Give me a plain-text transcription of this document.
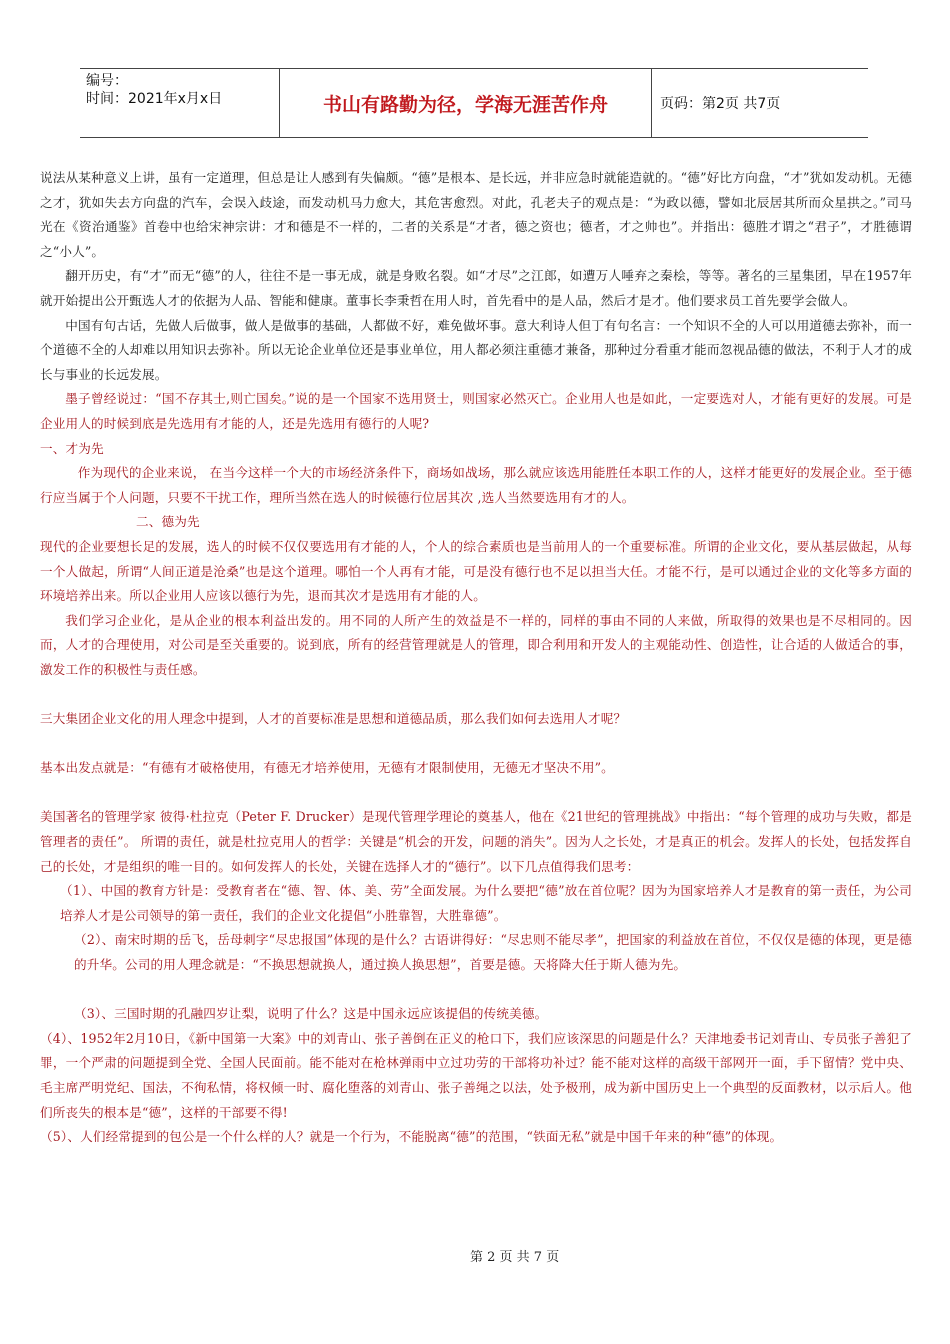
编号：
时间：2021年x月x日	书山有路勤为径，学海无涯苦作舟	页码：第2页 共7页

说法从某种意义上讲，虽有一定道理，但总是让人感到有失偏颇。“德”是根本、是长远，并非应急时就能造就的。“德”好比方向盘，“才”犹如发动机。无德之才，犹如失去方向盘的汽车，会误入歧途，而发动机马力愈大，其危害愈烈。对此，孔老夫子的观点是：“为政以德，譬如北辰居其所而众星拱之。”司马光在《资治通鉴》首卷中也给宋神宗讲：才和德是不一样的，二者的关系是“才者，德之资也；德者，才之帅也”。并指出：德胜才谓之“君子”，才胜德谓之“小人”。

翻开历史，有“才”而无“德”的人，往往不是一事无成，就是身败名裂。如“才尽”之江郎，如遭万人唾弃之秦桧，等等。著名的三星集团，早在1957年就开始提出公开甄选人才的依据为人品、智能和健康。董事长李秉哲在用人时，首先看中的是人品，然后才是才。他们要求员工首先要学会做人。

中国有句古话，先做人后做事，做人是做事的基础，人都做不好，难免做坏事。意大利诗人但丁有句名言：一个知识不全的人可以用道德去弥补，而一个道德不全的人却难以用知识去弥补。所以无论企业单位还是事业单位，用人都必须注重德才兼备，那种过分看重才能而忽视品德的做法，不利于人才的成长与事业的长远发展。

墨子曾经说过：“国不存其士,则亡国矣。”说的是一个国家不选用贤士，则国家必然灭亡。企业用人也是如此，一定要选对人，才能有更好的发展。可是企业用人的时候到底是先选用有才能的人，还是先选用有德行的人呢?

一、才为先

作为现代的企业来说， 在当今这样一个大的市场经济条件下，商场如战场，那么就应该选用能胜任本职工作的人，这样才能更好的发展企业。至于德行应当属于个人问题，只要不干扰工作，理所当然在选人的时候德行位居其次 ,选人当然要选用有才的人。

二、德为先

现代的企业要想长足的发展，选人的时候不仅仅要选用有才能的人，个人的综合素质也是当前用人的一个重要标准。所谓的企业文化，要从基层做起，从每一个人做起，所谓“人间正道是沧桑”也是这个道理。哪怕一个人再有才能，可是没有德行也不足以担当大任。才能不行，是可以通过企业的文化等多方面的环境培养出来。所以企业用人应该以德行为先，退而其次才是选用有才能的人。

我们学习企业化，是从企业的根本利益出发的。用不同的人所产生的效益是不一样的，同样的事由不同的人来做，所取得的效果也是不尽相同的。因而，人才的合理使用，对公司是至关重要的。说到底，所有的经营管理就是人的管理，即合利用和开发人的主观能动性、创造性，让合适的人做适合的事，激发工作的积极性与责任感。

三大集团企业文化的用人理念中提到，人才的首要标准是思想和道德品质，那么我们如何去选用人才呢？

基本出发点就是：“有德有才破格使用，有德无才培养使用，无德有才限制使用，无德无才坚决不用”。

美国著名的管理学家 彼得·杜拉克（Peter F. Drucker）是现代管理学理论的奠基人，他在《21世纪的管理挑战》中指出：“每个管理的成功与失败，都是管理者的责任”。 所谓的责任，就是杜拉克用人的哲学：关键是“机会的开发，问题的消失”。因为人之长处，才是真正的机会。发挥人的长处，包括发挥自己的长处，才是组织的唯一目的。如何发挥人的长处，关键在选择人才的“德行”。以下几点值得我们思考：

（1）、中国的教育方针是：受教育者在“德、智、体、美、劳”全面发展。为什么要把“德”放在首位呢？因为为国家培养人才是教育的第一责任，为公司培养人才是公司领导的第一责任，我们的企业文化提倡“小胜靠智，大胜靠德”。

（2）、南宋时期的岳飞，岳母刺字“尽忠报国”体现的是什么？古语讲得好：“尽忠则不能尽孝”，把国家的利益放在首位，不仅仅是德的体现，更是德的升华。公司的用人理念就是：“不换思想就换人，通过换人换思想”，首要是德。天将降大任于斯人德为先。

（3）、三国时期的孔融四岁让梨，说明了什么？这是中国永远应该提倡的传统美德。

（4）、1952年2月10日，《新中国第一大案》中的刘青山、张子善倒在正义的枪口下，我们应该深思的问题是什么？天津地委书记刘青山、专员张子善犯了罪，一个严肃的问题提到全党、全国人民面前。能不能对在枪林弹雨中立过功劳的干部将功补过？能不能对这样的高级干部网开一面，手下留情？党中央、毛主席严明党纪、国法，不徇私情，将权倾一时、腐化堕落的刘青山、张子善绳之以法，处予极刑，成为新中国历史上一个典型的反面教材，以示后人。他们所丧失的根本是“德”，这样的干部要不得!

（5）、人们经常提到的包公是一个什么样的人？就是一个行为，不能脱离“德”的范围，“铁面无私”就是中国千年来的种“德”的体现。

第 2 页 共 7 页
